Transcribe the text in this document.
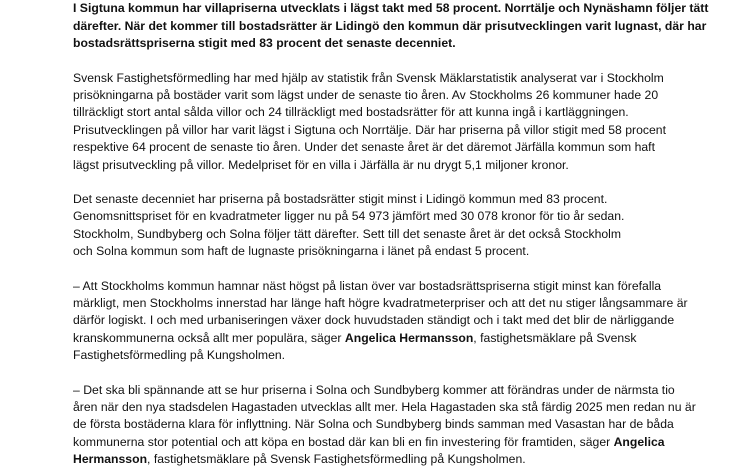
I Sigtuna kommun har villapriserna utvecklats i lägst takt med 58 procent. Norrtälje och Nynäshamn följer tätt
därefter. När det kommer till bostadsrätter är Lidingö den kommun där prisutvecklingen varit lugnast, där har
bostadsrättspriserna stigit med 83 procent det senaste decenniet.

Svensk Fastighetsförmedling har med hjälp av statistik från Svensk Mäklarstatistik analyserat var i Stockholm
prisökningarna på bostäder varit som lägst under de senaste tio åren. Av Stockholms 26 kommuner hade 20
tillräckligt stort antal sålda villor och 24 tillräckligt med bostadsrätter för att kunna ingå i kartläggningen.
Prisutvecklingen på villor har varit lägst i Sigtuna och Norrtälje. Där har priserna på villor stigit med 58 procent
respektive 64 procent de senaste tio åren. Under det senaste året är det däremot Järfälla kommun som haft
lägst prisutveckling på villor. Medelpriset för en villa i Järfälla är nu drygt 5,1 miljoner kronor.

Det senaste decenniet har priserna på bostadsrätter stigit minst i Lidingö kommun med 83 procent.
Genomsnittspriset för en kvadratmeter ligger nu på 54 973 jämfört med 30 078 kronor för tio år sedan.
Stockholm, Sundbyberg och Solna följer tätt därefter. Sett till det senaste året är det också Stockholm
och Solna kommun som haft de lugnaste prisökningarna i länet på endast 5 procent.

– Att Stockholms kommun hamnar näst högst på listan över var bostadsrättspriserna stigit minst kan förefalla
märkligt, men Stockholms innerstad har länge haft högre kvadratmeterpriser och att det nu stiger långsammare är
därför logiskt. I och med urbaniseringen växer dock huvudstaden ständigt och i takt med det blir de närliggande
kranskommunerna också allt mer populära, säger Angelica Hermansson, fastighetsmäklare på Svensk
Fastighetsförmedling på Kungsholmen.

– Det ska bli spännande att se hur priserna i Solna och Sundbyberg kommer att förändras under de närmsta tio
åren när den nya stadsdelen Hagastaden utvecklas allt mer. Hela Hagastaden ska stå färdig 2025 men redan nu är
de första bostäderna klara för inflyttning. När Solna och Sundbyberg binds samman med Vasastan har de båda
kommunerna stor potential och att köpa en bostad där kan bli en fin investering för framtiden, säger Angelica
Hermansson, fastighetsmäklare på Svensk Fastighetsförmedling på Kungsholmen.
